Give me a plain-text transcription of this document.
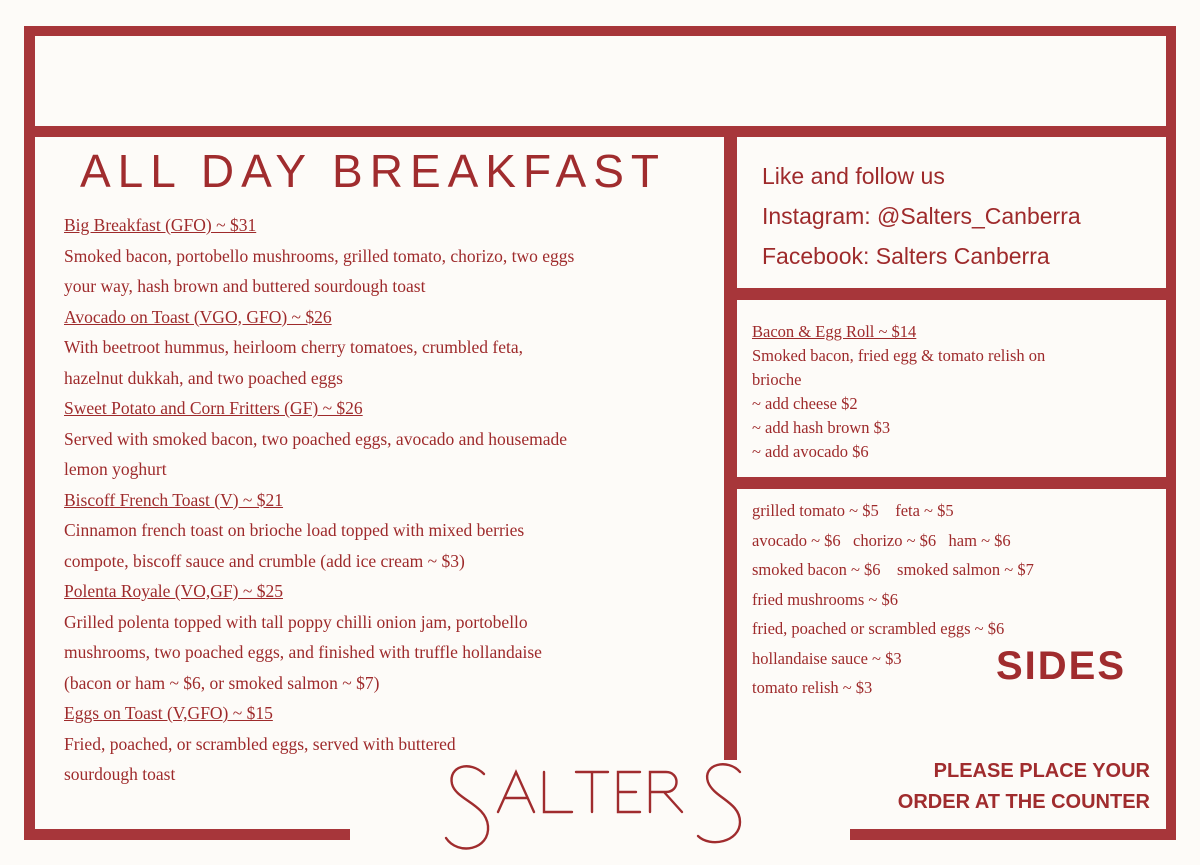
ALL DAY BREAKFAST
Big Breakfast (GFO) ~ $31
Smoked bacon, portobello mushrooms, grilled tomato, chorizo, two eggs
your way, hash brown and buttered sourdough toast
Avocado on Toast (VGO, GFO) ~ $26
With beetroot hummus, heirloom cherry tomatoes, crumbled feta,
hazelnut dukkah, and two poached eggs
Sweet Potato and Corn Fritters (GF) ~ $26
Served with smoked bacon, two poached eggs, avocado and housemade
lemon yoghurt
Biscoff French Toast (V) ~ $21
Cinnamon french toast on brioche load topped with mixed berries
compote, biscoff sauce and crumble (add ice cream ~ $3)
Polenta Royale (VO,GF) ~ $25
Grilled polenta topped with tall poppy chilli onion jam, portobello
mushrooms, two poached eggs, and finished with truffle hollandaise
(bacon or ham ~ $6, or smoked salmon ~ $7)
Eggs on Toast (V,GFO) ~ $15
Fried, poached, or scrambled eggs, served with buttered
sourdough toast
Like and follow us
Instagram: @Salters_Canberra
Facebook: Salters Canberra
Bacon & Egg Roll ~ $14
Smoked bacon, fried egg & tomato relish on
brioche
~ add cheese $2
~ add hash brown $3
~ add avocado $6
grilled tomato ~ $5    feta ~ $5
avocado ~ $6   chorizo ~ $6   ham ~ $6
smoked bacon ~ $6    smoked salmon ~ $7
fried mushrooms ~ $6
fried, poached or scrambled eggs ~ $6
hollandaise sauce ~ $3
tomato relish ~ $3	SIDES
PLEASE PLACE YOUR
ORDER AT THE COUNTER
